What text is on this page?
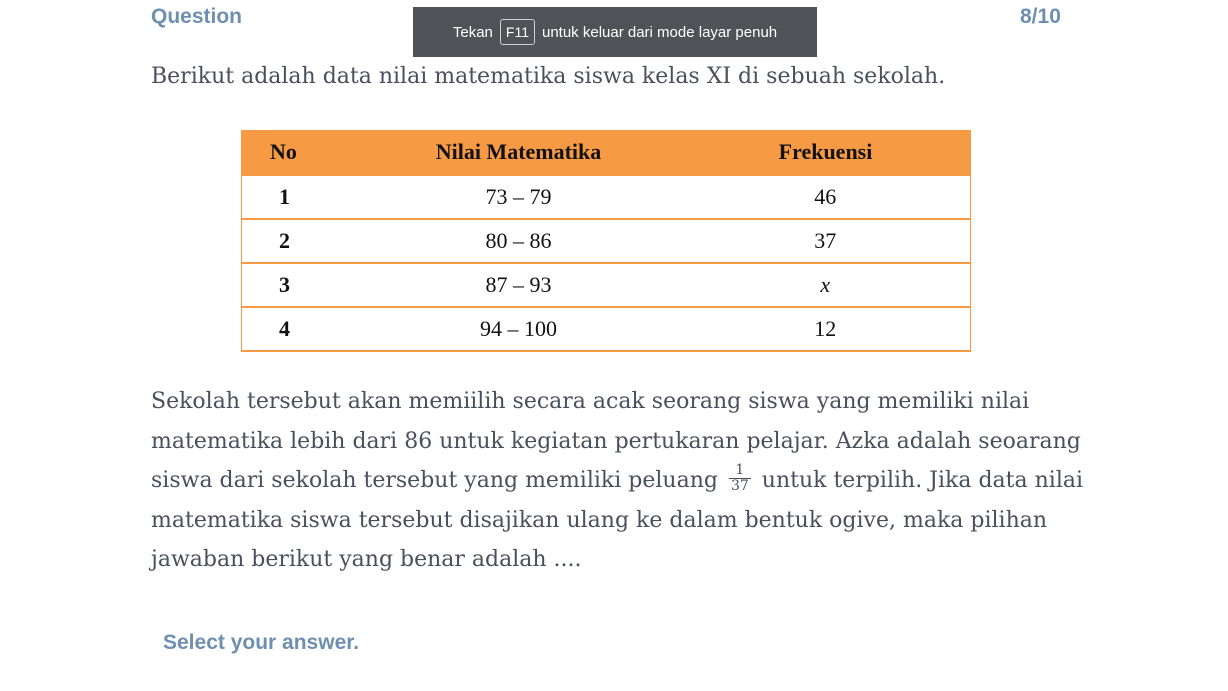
Question	8/10
Tekan F11 untuk keluar dari mode layar penuh
Berikut adalah data nilai matematika siswa kelas XI di sebuah sekolah.
No	Nilai Matematika	Frekuensi
1	73 – 79	46
2	80 – 86	37
3	87 – 93	x
4	94 – 100	12

Sekolah tersebut akan memiilih secara acak seorang siswa yang memiliki nilai

matematika lebih dari 86 untuk kegiatan pertukaran pelajar. Azka adalah seoarang

siswa dari sekolah tersebut yang memiliki peluang $\frac{1}{37}$ untuk terpilih. Jika data nilai

matematika siswa tersebut disajikan ulang ke dalam bentuk ogive, maka pilihan

jawaban berikut yang benar adalah ....

Select your answer.
